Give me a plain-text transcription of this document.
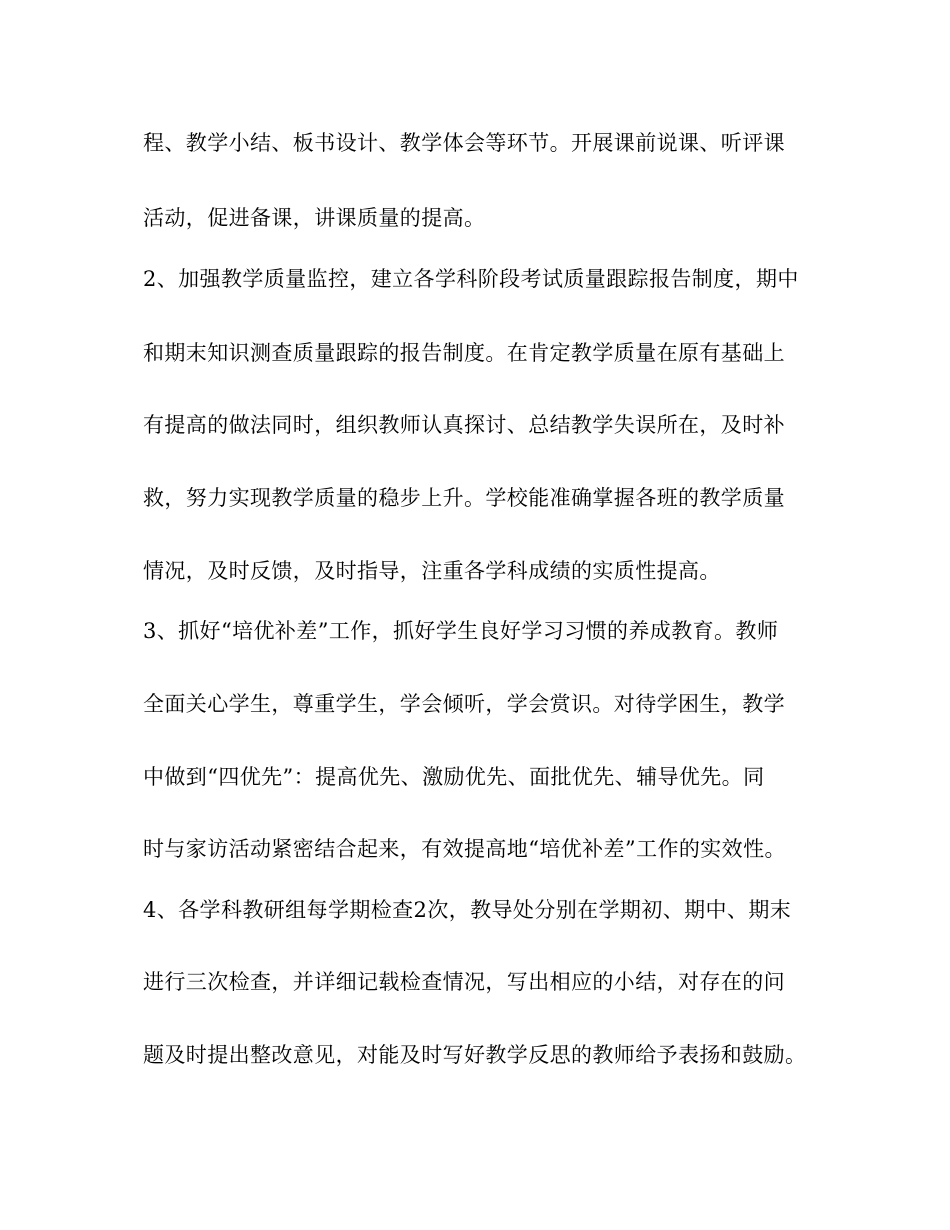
程、教学小结、板书设计、教学体会等环节。开展课前说课、听评课
活动，促进备课，讲课质量的提高。
2、加强教学质量监控，建立各学科阶段考试质量跟踪报告制度，期中
和期末知识测查质量跟踪的报告制度。在肯定教学质量在原有基础上
有提高的做法同时，组织教师认真探讨、总结教学失误所在，及时补
救，努力实现教学质量的稳步上升。学校能准确掌握各班的教学质量
情况，及时反馈，及时指导，注重各学科成绩的实质性提高。
3、抓好“培优补差”工作，抓好学生良好学习习惯的养成教育。教师
全面关心学生，尊重学生，学会倾听，学会赏识。对待学困生，教学
中做到“四优先”：提高优先、激励优先、面批优先、辅导优先。同
时与家访活动紧密结合起来，有效提高地“培优补差”工作的实效性。
4、各学科教研组每学期检查2次，教导处分别在学期初、期中、期末
进行三次检查，并详细记载检查情况，写出相应的小结，对存在的问
题及时提出整改意见，对能及时写好教学反思的教师给予表扬和鼓励。
